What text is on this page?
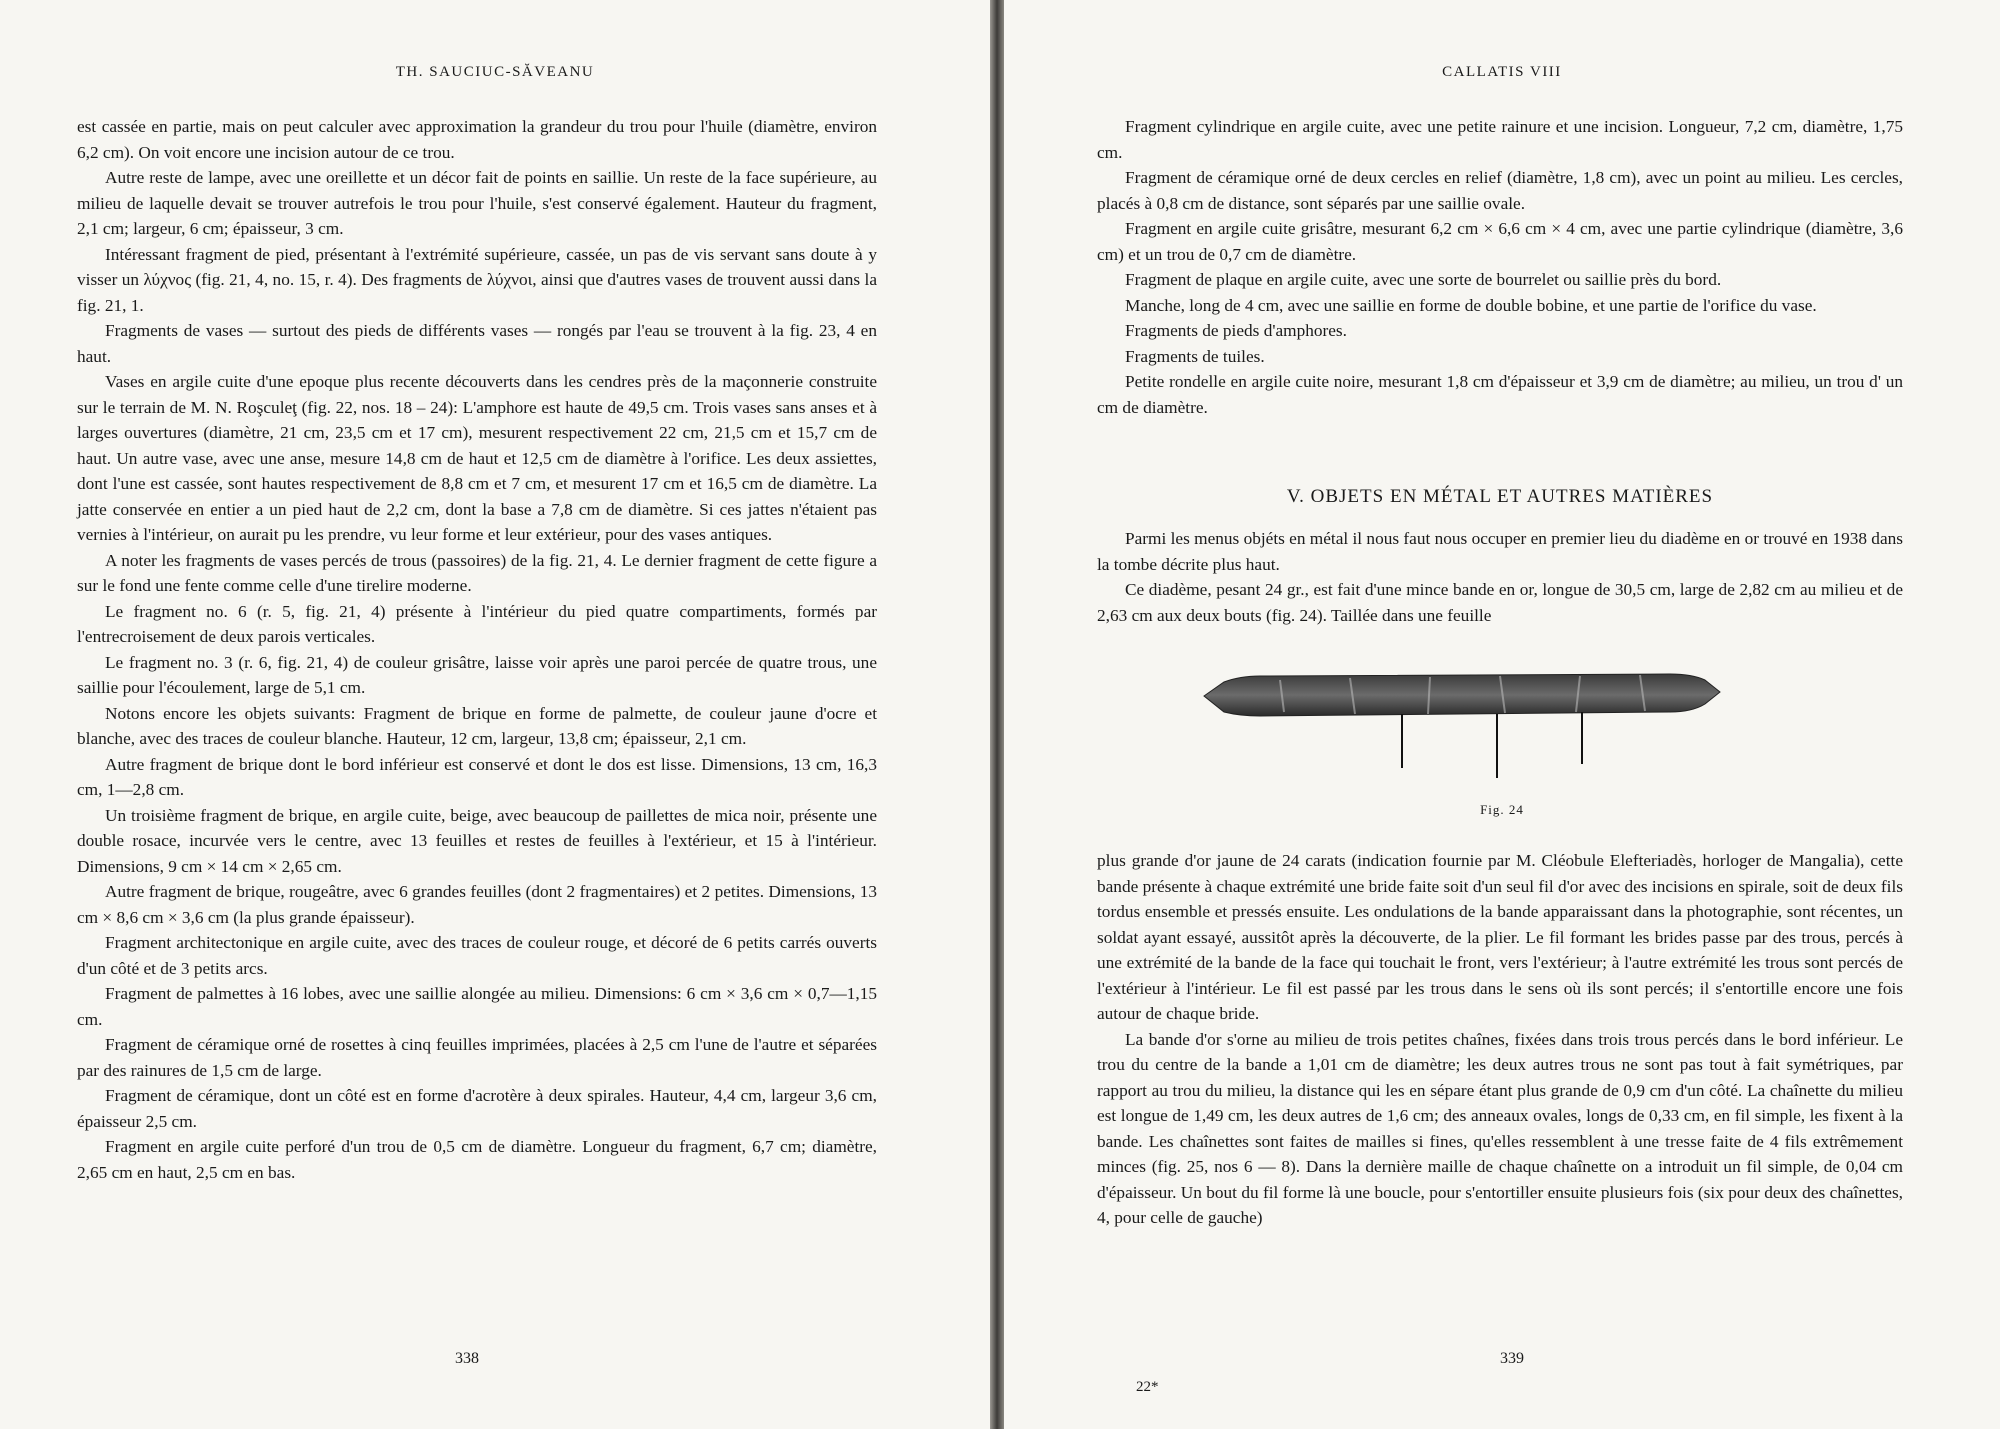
TH. SAUCIUC-SĂVEANU

est cassée en partie, mais on peut calculer avec approximation la grandeur du trou pour l'huile (diamètre, environ 6,2 cm). On voit encore une incision autour de ce trou.

Autre reste de lampe, avec une oreillette et un décor fait de points en saillie. Un reste de la face supérieure, au milieu de laquelle devait se trouver autrefois le trou pour l'huile, s'est conservé également. Hauteur du fragment, 2,1 cm; largeur, 6 cm; épaisseur, 3 cm.

Intéressant fragment de pied, présentant à l'extrémité supérieure, cassée, un pas de vis servant sans doute à y visser un λύχνος (fig. 21, 4, no. 15, r. 4). Des fragments de λύχνοι, ainsi que d'autres vases de trouvent aussi dans la fig. 21, 1.

Fragments de vases — surtout des pieds de différents vases — rongés par l'eau se trouvent à la fig. 23, 4 en haut.

Vases en argile cuite d'une epoque plus recente découverts dans les cendres près de la maçonnerie construite sur le terrain de M. N. Roşculeţ (fig. 22, nos. 18 – 24): L'amphore est haute de 49,5 cm. Trois vases sans anses et à larges ouvertures (diamètre, 21 cm, 23,5 cm et 17 cm), mesurent respectivement 22 cm, 21,5 cm et 15,7 cm de haut. Un autre vase, avec une anse, mesure 14,8 cm de haut et 12,5 cm de diamètre à l'orifice. Les deux assiettes, dont l'une est cassée, sont hautes respectivement de 8,8 cm et 7 cm, et mesurent 17 cm et 16,5 cm de diamètre. La jatte conservée en entier a un pied haut de 2,2 cm, dont la base a 7,8 cm de diamètre. Si ces jattes n'étaient pas vernies à l'intérieur, on aurait pu les prendre, vu leur forme et leur extérieur, pour des vases antiques.

A noter les fragments de vases percés de trous (passoires) de la fig. 21, 4. Le dernier fragment de cette figure a sur le fond une fente comme celle d'une tirelire moderne.

Le fragment no. 6 (r. 5, fig. 21, 4) présente à l'intérieur du pied quatre compartiments, formés par l'entrecroisement de deux parois verticales.

Le fragment no. 3 (r. 6, fig. 21, 4) de couleur grisâtre, laisse voir après une paroi percée de quatre trous, une saillie pour l'écoulement, large de 5,1 cm.

Notons encore les objets suivants: Fragment de brique en forme de palmette, de couleur jaune d'ocre et blanche, avec des traces de couleur blanche. Hauteur, 12 cm, largeur, 13,8 cm; épaisseur, 2,1 cm.

Autre fragment de brique dont le bord inférieur est conservé et dont le dos est lisse. Dimensions, 13 cm, 16,3 cm, 1—2,8 cm.

Un troisième fragment de brique, en argile cuite, beige, avec beaucoup de paillettes de mica noir, présente une double rosace, incurvée vers le centre, avec 13 feuilles et restes de feuilles à l'extérieur, et 15 à l'intérieur. Dimensions, 9 cm × 14 cm × 2,65 cm.

Autre fragment de brique, rougeâtre, avec 6 grandes feuilles (dont 2 fragmentaires) et 2 petites. Dimensions, 13 cm × 8,6 cm × 3,6 cm (la plus grande épaisseur).

Fragment architectonique en argile cuite, avec des traces de couleur rouge, et décoré de 6 petits carrés ouverts d'un côté et de 3 petits arcs.

Fragment de palmettes à 16 lobes, avec une saillie alongée au milieu. Dimensions: 6 cm × 3,6 cm × 0,7—1,15 cm.

Fragment de céramique orné de rosettes à cinq feuilles imprimées, placées à 2,5 cm l'une de l'autre et séparées par des rainures de 1,5 cm de large.

Fragment de céramique, dont un côté est en forme d'acrotère à deux spirales. Hauteur, 4,4 cm, largeur 3,6 cm, épaisseur 2,5 cm.

Fragment en argile cuite perforé d'un trou de 0,5 cm de diamètre. Longueur du fragment, 6,7 cm; diamètre, 2,65 cm en haut, 2,5 cm en bas.

338
CALLATIS VIII

Fragment cylindrique en argile cuite, avec une petite rainure et une incision. Longueur, 7,2 cm, diamètre, 1,75 cm.

Fragment de céramique orné de deux cercles en relief (diamètre, 1,8 cm), avec un point au milieu. Les cercles, placés à 0,8 cm de distance, sont séparés par une saillie ovale.

Fragment en argile cuite grisâtre, mesurant 6,2 cm × 6,6 cm × 4 cm, avec une partie cylindrique (diamètre, 3,6 cm) et un trou de 0,7 cm de diamètre.

Fragment de plaque en argile cuite, avec une sorte de bourrelet ou saillie près du bord.

Manche, long de 4 cm, avec une saillie en forme de double bobine, et une partie de l'orifice du vase.

Fragments de pieds d'amphores.

Fragments de tuiles.

Petite rondelle en argile cuite noire, mesurant 1,8 cm d'épaisseur et 3,9 cm de diamètre; au milieu, un trou d' un cm de diamètre.

V. OBJETS EN MÉTAL ET AUTRES MATIÈRES

Parmi les menus objéts en métal il nous faut nous occuper en premier lieu du diadème en or trouvé en 1938 dans la tombe décrite plus haut.

Ce diadème, pesant 24 gr., est fait d'une mince bande en or, longue de 30,5 cm, large de 2,82 cm au milieu et de 2,63 cm aux deux bouts (fig. 24). Taillée dans une feuille

Fig. 24

plus grande d'or jaune de 24 carats (indication fournie par M. Cléobule Elefteriadès, horloger de Mangalia), cette bande présente à chaque extrémité une bride faite soit d'un seul fil d'or avec des incisions en spirale, soit de deux fils tordus ensemble et pressés ensuite. Les ondulations de la bande apparaissant dans la photographie, sont récentes, un soldat ayant essayé, aussitôt après la découverte, de la plier. Le fil formant les brides passe par des trous, percés à une extrémité de la bande de la face qui touchait le front, vers l'extérieur; à l'autre extrémité les trous sont percés de l'extérieur à l'intérieur. Le fil est passé par les trous dans le sens où ils sont percés; il s'entortille encore une fois autour de chaque bride.

La bande d'or s'orne au milieu de trois petites chaînes, fixées dans trois trous percés dans le bord inférieur. Le trou du centre de la bande a 1,01 cm de diamètre; les deux autres trous ne sont pas tout à fait symétriques, par rapport au trou du milieu, la distance qui les en sépare étant plus grande de 0,9 cm d'un côté. La chaînette du milieu est longue de 1,49 cm, les deux autres de 1,6 cm; des anneaux ovales, longs de 0,33 cm, en fil simple, les fixent à la bande. Les chaînettes sont faites de mailles si fines, qu'elles ressemblent à une tresse faite de 4 fils extrêmement minces (fig. 25, nos 6 — 8). Dans la dernière maille de chaque chaînette on a introduit un fil simple, de 0,04 cm d'épaisseur. Un bout du fil forme là une boucle, pour s'entortiller ensuite plusieurs fois (six pour deux des chaînettes, 4, pour celle de gauche)

22*
339
